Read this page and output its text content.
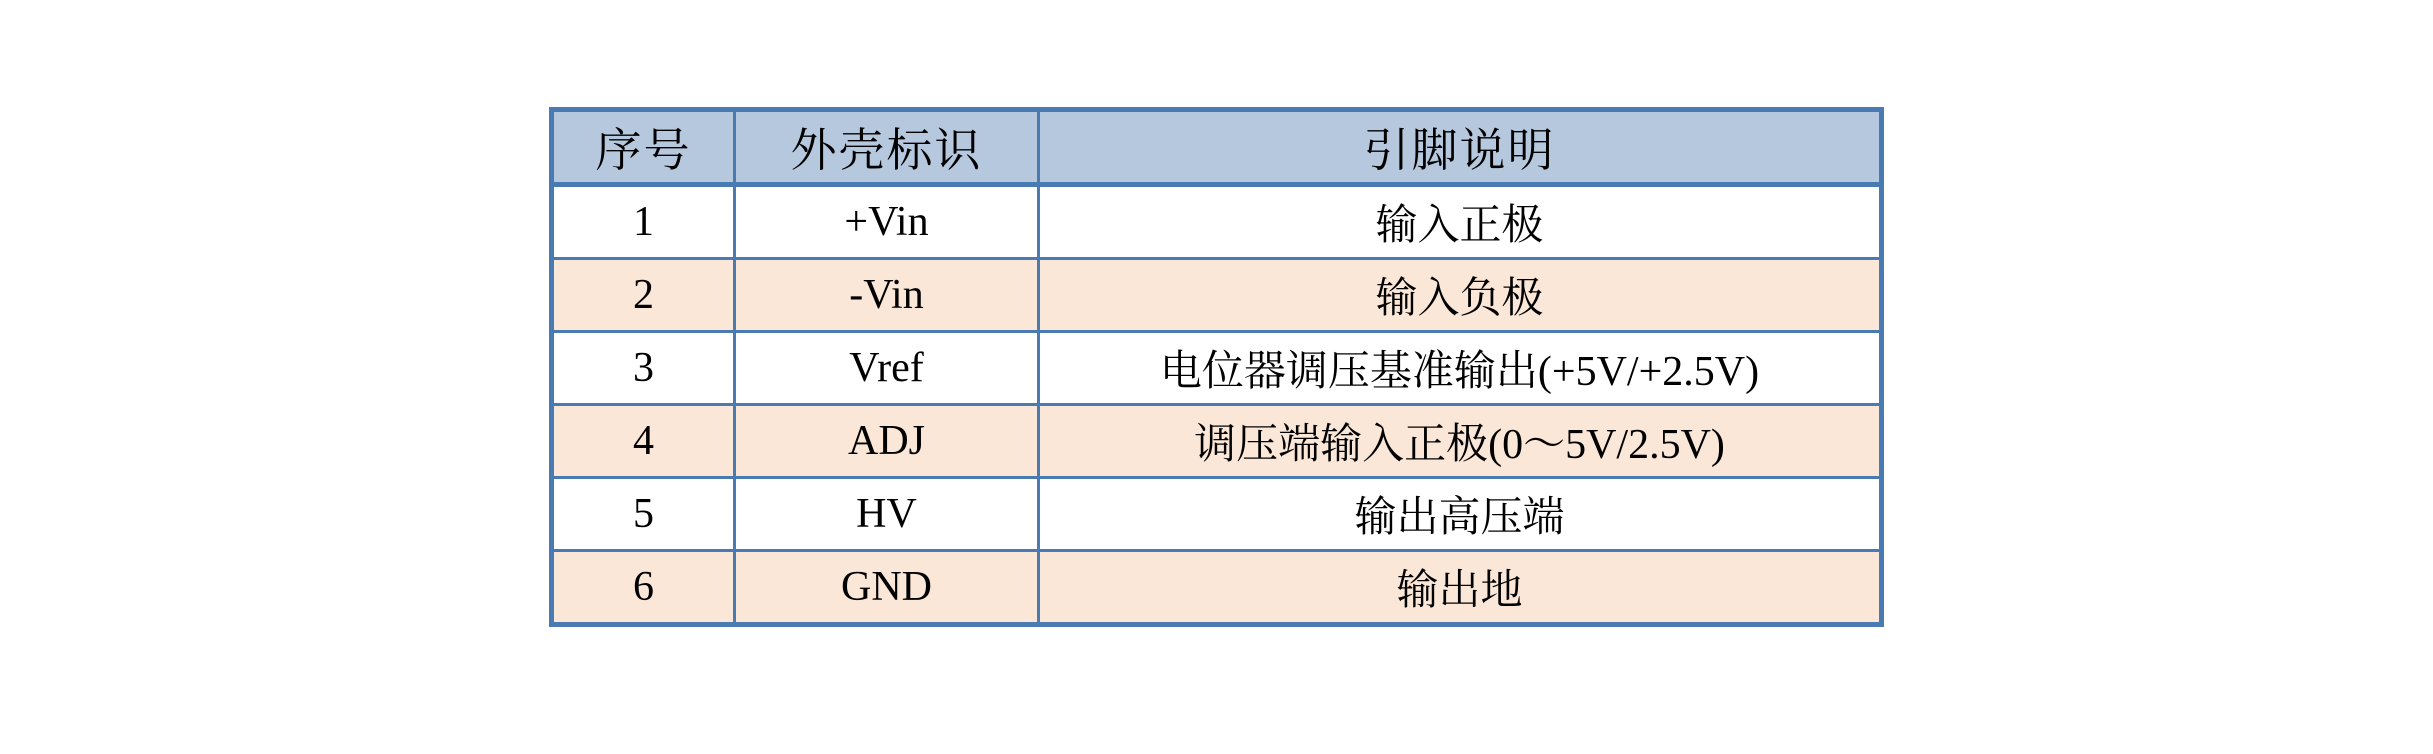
序号	外壳标识	引脚说明
1	+Vin	输入正极
2	-Vin	输入负极
3	Vref	电位器调压基准输出(+5V/+2.5V)
4	ADJ	调压端输入正极(0～5V/2.5V)
5	HV	输出高压端
6	GND	输出地
